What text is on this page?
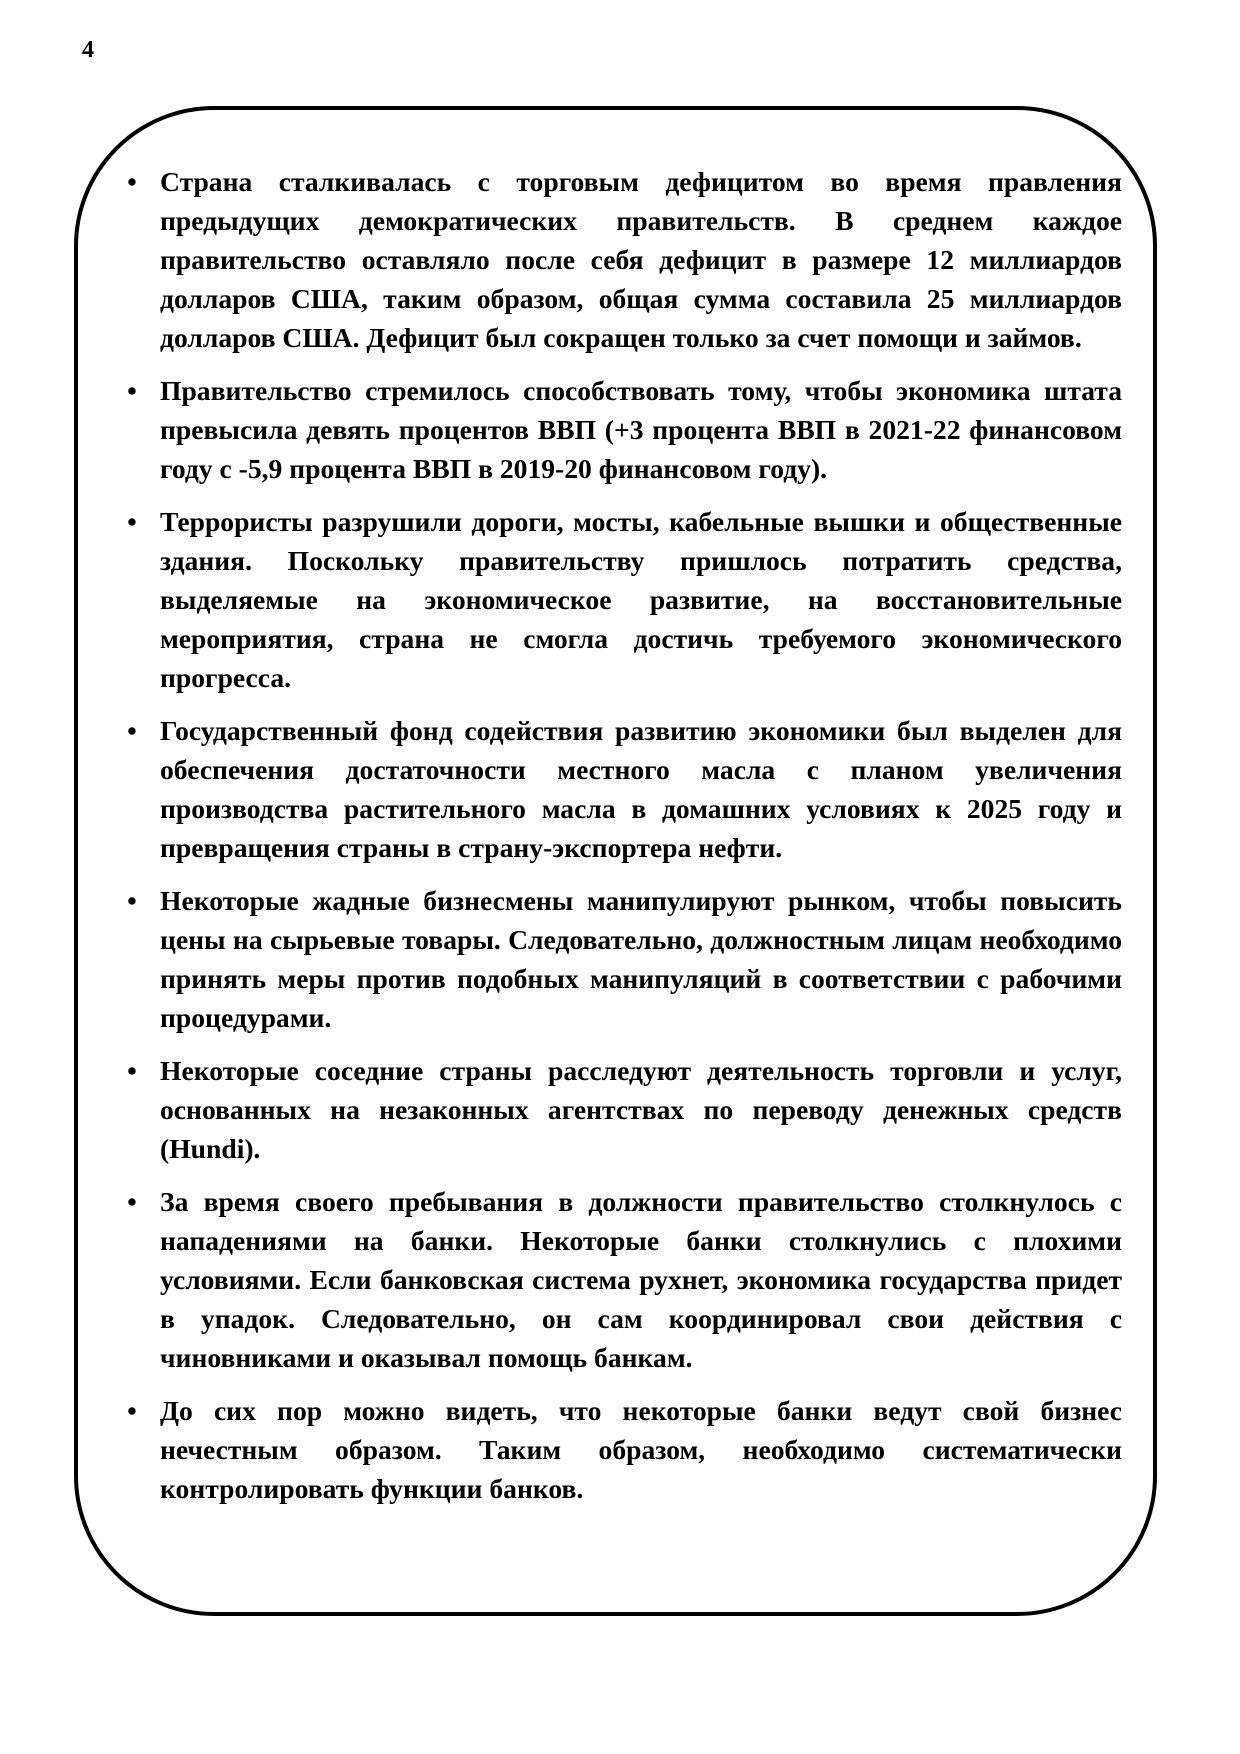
4
• Страна сталкивалась с торговым дефицитом во время правления предыдущих демократических правительств. В среднем каждое правительство оставляло после себя дефицит в размере 12 миллиардов долларов США, таким образом, общая сумма составила 25 миллиардов долларов США. Дефицит был сокращен только за счет помощи и займов.
• Правительство стремилось способствовать тому, чтобы экономика штата превысила девять процентов ВВП (+3 процента ВВП в 2021-22 финансовом году с -5,9 процента ВВП в 2019-20 финансовом году).
• Террористы разрушили дороги, мосты, кабельные вышки и общественные здания. Поскольку правительству пришлось потратить средства, выделяемые на экономическое развитие, на восстановительные мероприятия, страна не смогла достичь требуемого экономического прогресса.
• Государственный фонд содействия развитию экономики был выделен для обеспечения достаточности местного масла с планом увеличения производства растительного масла в домашних условиях к 2025 году и превращения страны в страну-экспортера нефти.
• Некоторые жадные бизнесмены манипулируют рынком, чтобы повысить цены на сырьевые товары. Следовательно, должностным лицам необходимо принять меры против подобных манипуляций в соответствии с рабочими процедурами.
• Некоторые соседние страны расследуют деятельность торговли и услуг, основанных на незаконных агентствах по переводу денежных средств (Hundi).
• За время своего пребывания в должности правительство столкнулось с нападениями на банки. Некоторые банки столкнулись с плохими условиями. Если банковская система рухнет, экономика государства придет в упадок. Следовательно, он сам координировал свои действия с чиновниками и оказывал помощь банкам.
• До сих пор можно видеть, что некоторые банки ведут свой бизнес нечестным образом. Таким образом, необходимо систематически контролировать функции банков.
